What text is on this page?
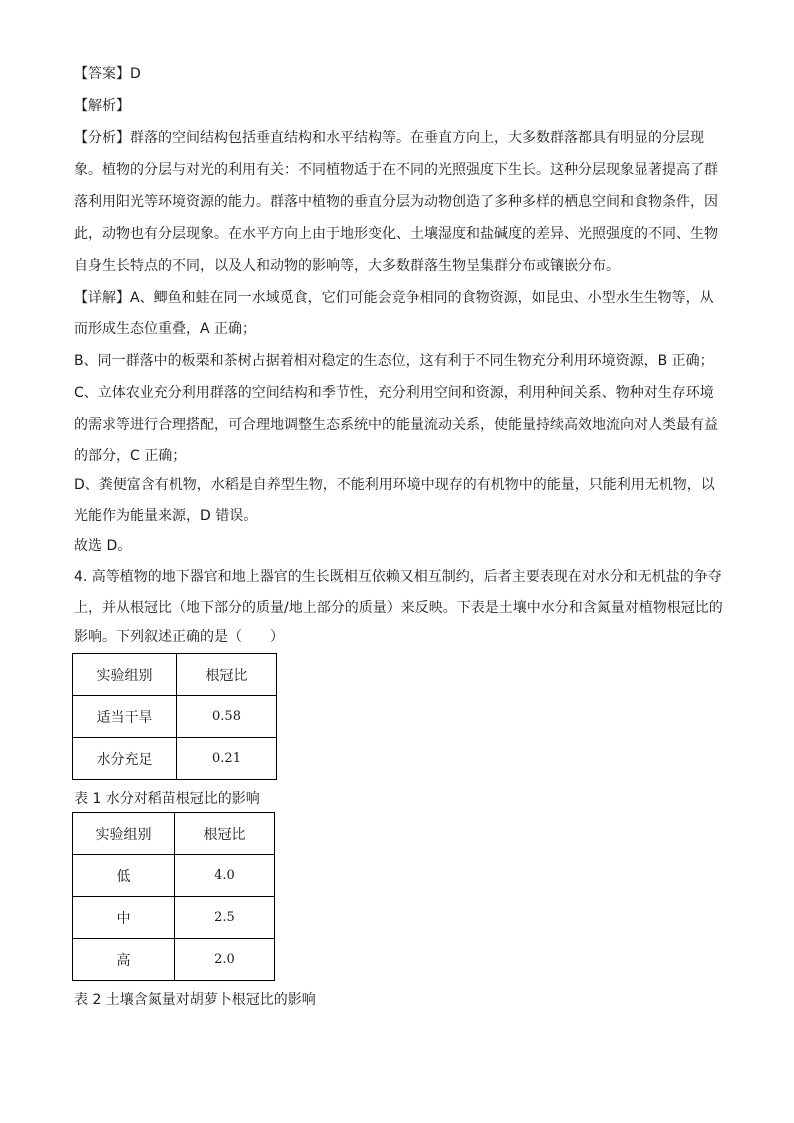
【答案】D
【解析】
【分析】群落的空间结构包括垂直结构和水平结构等。在垂直方向上，大多数群落都具有明显的分层现
象。植物的分层与对光的利用有关：不同植物适于在不同的光照强度下生长。这种分层现象显著提高了群
落利用阳光等环境资源的能力。群落中植物的垂直分层为动物创造了多种多样的栖息空间和食物条件，因
此，动物也有分层现象。在水平方向上由于地形变化、土壤湿度和盐碱度的差异、光照强度的不同、生物
自身生长特点的不同，以及人和动物的影响等，大多数群落生物呈集群分布或镶嵌分布。
【详解】A、鲫鱼和蛙在同一水域觅食，它们可能会竞争相同的食物资源，如昆虫、小型水生生物等，从
而形成生态位重叠，A 正确；
B、同一群落中的板栗和茶树占据着相对稳定的生态位，这有利于不同生物充分利用环境资源，B 正确；
C、立体农业充分利用群落的空间结构和季节性，充分利用空间和资源，利用种间关系、物种对生存环境
的需求等进行合理搭配，可合理地调整生态系统中的能量流动关系，使能量持续高效地流向对人类最有益
的部分，C 正确；
D、粪便富含有机物，水稻是自养型生物，不能利用环境中现存的有机物中的能量，只能利用无机物，以
光能作为能量来源，D 错误。
故选 D。
4. 高等植物的地下器官和地上器官的生长既相互依赖又相互制约，后者主要表现在对水分和无机盐的争夺
上，并从根冠比（地下部分的质量/地上部分的质量）来反映。下表是土壤中水分和含氮量对植物根冠比的
影响。下列叙述正确的是（　　）
实验组别	根冠比
适当干旱	0.58
水分充足	0.21
表 1 水分对稻苗根冠比的影响
实验组别	根冠比
低	4.0
中	2.5
高	2.0
表 2 土壤含氮量对胡萝卜根冠比的影响
